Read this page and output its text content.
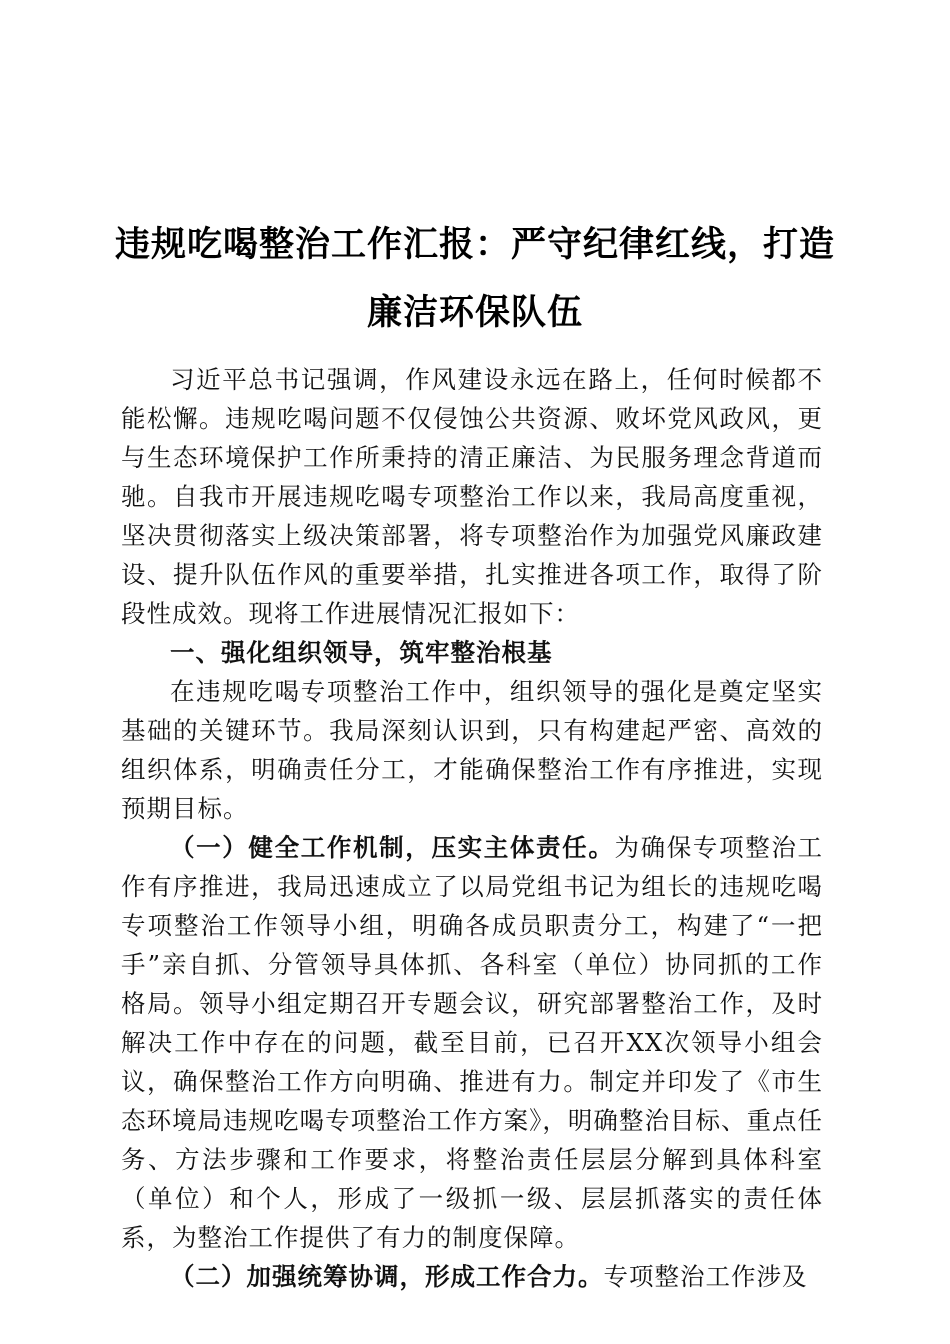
违规吃喝整治工作汇报：严守纪律红线，打造廉洁环保队伍

习近平总书记强调，作风建设永远在路上，任何时候都不能松懈。违规吃喝问题不仅侵蚀公共资源、败坏党风政风，更与生态环境保护工作所秉持的清正廉洁、为民服务理念背道而驰。自我市开展违规吃喝专项整治工作以来，我局高度重视，坚决贯彻落实上级决策部署，将专项整治作为加强党风廉政建设、提升队伍作风的重要举措，扎实推进各项工作，取得了阶段性成效。现将工作进展情况汇报如下：

一、强化组织领导，筑牢整治根基

在违规吃喝专项整治工作中，组织领导的强化是奠定坚实基础的关键环节。我局深刻认识到，只有构建起严密、高效的组织体系，明确责任分工，才能确保整治工作有序推进，实现预期目标。

（一）健全工作机制，压实主体责任。为确保专项整治工作有序推进，我局迅速成立了以局党组书记为组长的违规吃喝专项整治工作领导小组，明确各成员职责分工，构建了“一把手”亲自抓、分管领导具体抓、各科室（单位）协同抓的工作格局。领导小组定期召开专题会议，研究部署整治工作，及时解决工作中存在的问题，截至目前，已召开XX次领导小组会议，确保整治工作方向明确、推进有力。制定并印发了《市生态环境局违规吃喝专项整治工作方案》，明确整治目标、重点任务、方法步骤和工作要求，将整治责任层层分解到具体科室（单位）和个人，形成了一级抓一级、层层抓落实的责任体系，为整治工作提供了有力的制度保障。

（二）加强统筹协调，形成工作合力。专项整治工作涉及
